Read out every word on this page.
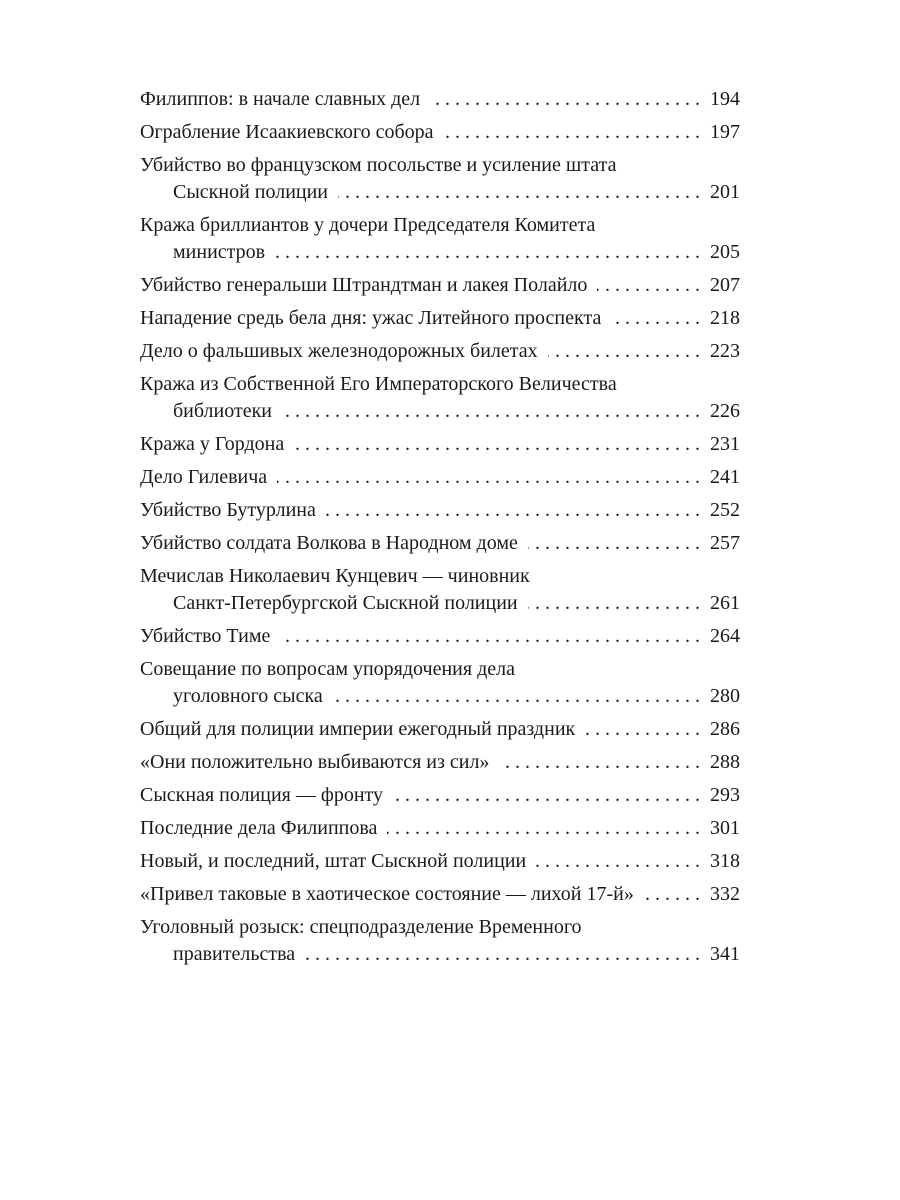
Филиппов: в начале славных дел . . .	194
Ограбление Исаакиевского собора . . .	197
Убийство во французском посольстве и усиление штата
Сыскной полиции . . .	201
Кража бриллиантов у дочери Председателя Комитета
министров . . .	205
Убийство генеральши Штрандтман и лакея Полайло . . .	207
Нападение средь бела дня: ужас Литейного проспекта . . .	218
Дело о фальшивых железнодорожных билетах . . .	223
Кража из Собственной Его Императорского Величества
библиотеки . . .	226
Кража у Гордона . . .	231
Дело Гилевича . . .	241
Убийство Бутурлина . . .	252
Убийство солдата Волкова в Народном доме . . .	257
Мечислав Николаевич Кунцевич — чиновник
Санкт-Петербургской Сыскной полиции . . .	261
Убийство Тиме . . .	264
Совещание по вопросам упорядочения дела
уголовного сыска . . .	280
Общий для полиции империи ежегодный праздник . . .	286
«Они положительно выбиваются из сил» . . .	288
Сыскная полиция — фронту . . .	293
Последние дела Филиппова . . .	301
Новый, и последний, штат Сыскной полиции . . .	318
«Привел таковые в хаотическое состояние — лихой 17-й» . . .	332
Уголовный розыск: спецподразделение Временного
правительства . . .	341
